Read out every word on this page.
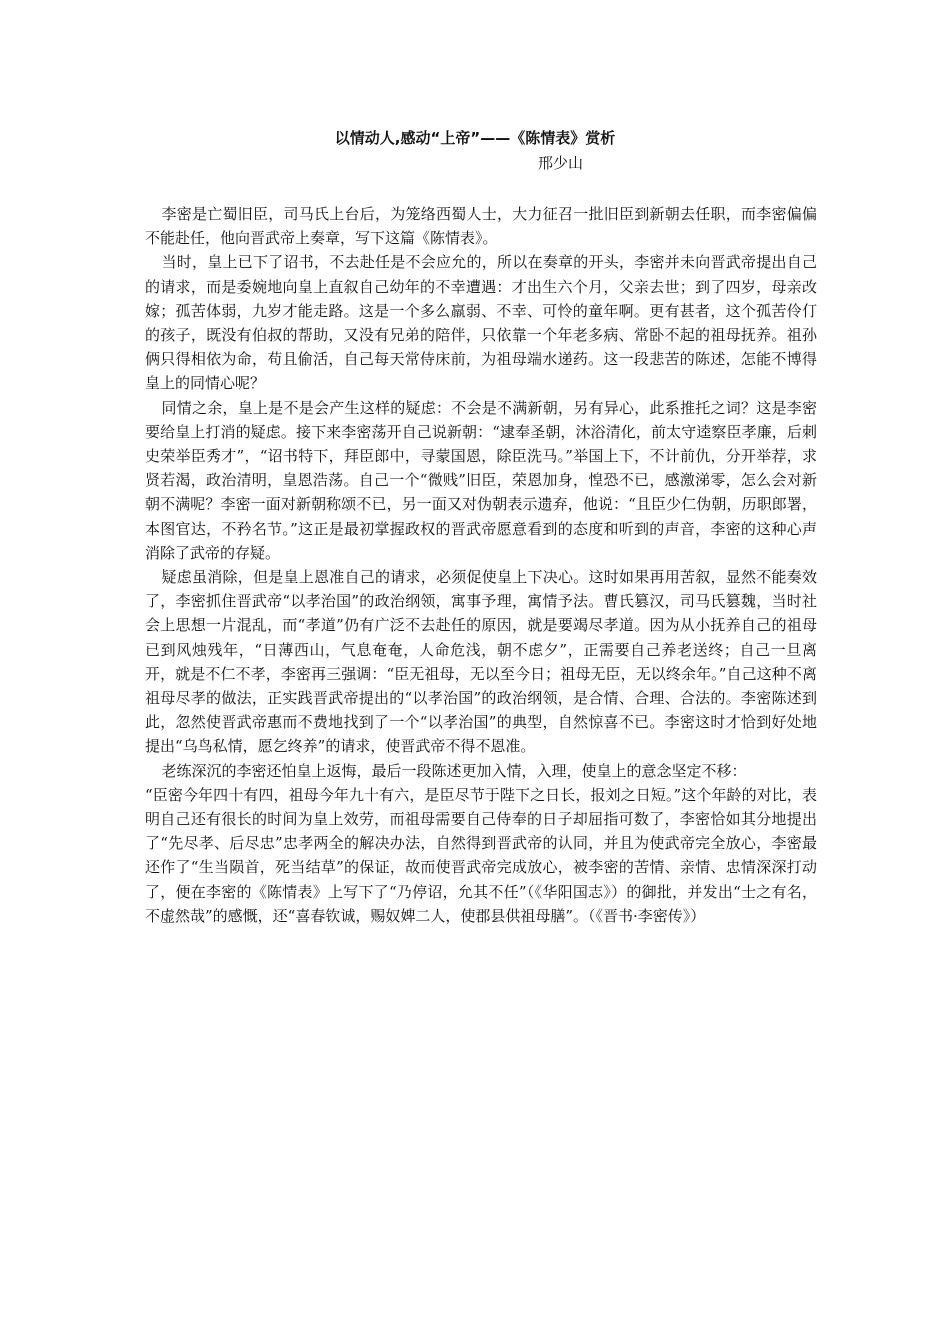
以情动人,感动“上帝”——《陈情表》赏析

邢少山

李密是亡蜀旧臣，司马氏上台后，为笼络西蜀人士，大力征召一批旧臣到新朝去任职，而李密偏偏不能赴任，他向晋武帝上奏章，写下这篇《陈情表》。

当时，皇上已下了诏书，不去赴任是不会应允的，所以在奏章的开头，李密并未向晋武帝提出自己的请求，而是委婉地向皇上直叙自己幼年的不幸遭遇：才出生六个月，父亲去世；到了四岁，母亲改嫁；孤苦体弱，九岁才能走路。这是一个多么羸弱、不幸、可怜的童年啊。更有甚者，这个孤苦伶仃的孩子，既没有伯叔的帮助，又没有兄弟的陪伴，只依靠一个年老多病、常卧不起的祖母抚养。祖孙俩只得相依为命，苟且偷活，自己每天常侍床前，为祖母端水递药。这一段悲苦的陈述，怎能不博得皇上的同情心呢？

同情之余，皇上是不是会产生这样的疑虑：不会是不满新朝，另有异心，此系推托之词？这是李密要给皇上打消的疑虑。接下来李密荡开自己说新朝：“逮奉圣朝，沐浴清化，前太守逵察臣孝廉，后刺史荣举臣秀才”，“诏书特下，拜臣郎中，寻蒙国恩，除臣洗马。”举国上下，不计前仇，分开举荐，求贤若渴，政治清明，皇恩浩荡。自己一个“微贱”旧臣，荣恩加身，惶恐不已，感激涕零，怎么会对新朝不满呢？李密一面对新朝称颂不已，另一面又对伪朝表示遗弃，他说：“且臣少仁伪朝，历职郎署，本图官达，不矜名节。”这正是最初掌握政权的晋武帝愿意看到的态度和听到的声音，李密的这种心声消除了武帝的存疑。

疑虑虽消除，但是皇上恩准自己的请求，必须促使皇上下决心。这时如果再用苦叙，显然不能奏效了，李密抓住晋武帝“以孝治国”的政治纲领，寓事予理，寓情予法。曹氏篡汉，司马氏篡魏，当时社会上思想一片混乱，而“孝道”仍有广泛不去赴任的原因，就是要竭尽孝道。因为从小抚养自己的祖母已到风烛残年，“日薄西山，气息奄奄，人命危浅，朝不虑夕”，正需要自己养老送终；自己一旦离开，就是不仁不孝，李密再三强调：“臣无祖母，无以至今日；祖母无臣，无以终余年。”自己这种不离祖母尽孝的做法，正实践晋武帝提出的“以孝治国”的政治纲领，是合情、合理、合法的。李密陈述到此，忽然使晋武帝惠而不费地找到了一个“以孝治国”的典型，自然惊喜不已。李密这时才恰到好处地提出“乌鸟私情，愿乞终养”的请求，使晋武帝不得不恩准。

老练深沉的李密还怕皇上返悔，最后一段陈述更加入情，入理，使皇上的意念坚定不移：

“臣密今年四十有四，祖母今年九十有六，是臣尽节于陛下之日长，报刘之日短。”这个年龄的对比，表明自己还有很长的时间为皇上效劳，而祖母需要自己侍奉的日子却屈指可数了，李密恰如其分地提出了“先尽孝、后尽忠”忠孝两全的解决办法，自然得到晋武帝的认同，并且为使武帝完全放心，李密最还作了“生当陨首，死当结草”的保证，故而使晋武帝完成放心，被李密的苦情、亲情、忠情深深打动了，便在李密的《陈情表》上写下了“乃停诏，允其不任”（《华阳国志》）的御批，并发出“士之有名，不虚然哉”的感慨，还“喜春钦诚，赐奴婢二人，使郡县供祖母膳”。（《晋书·李密传》）
